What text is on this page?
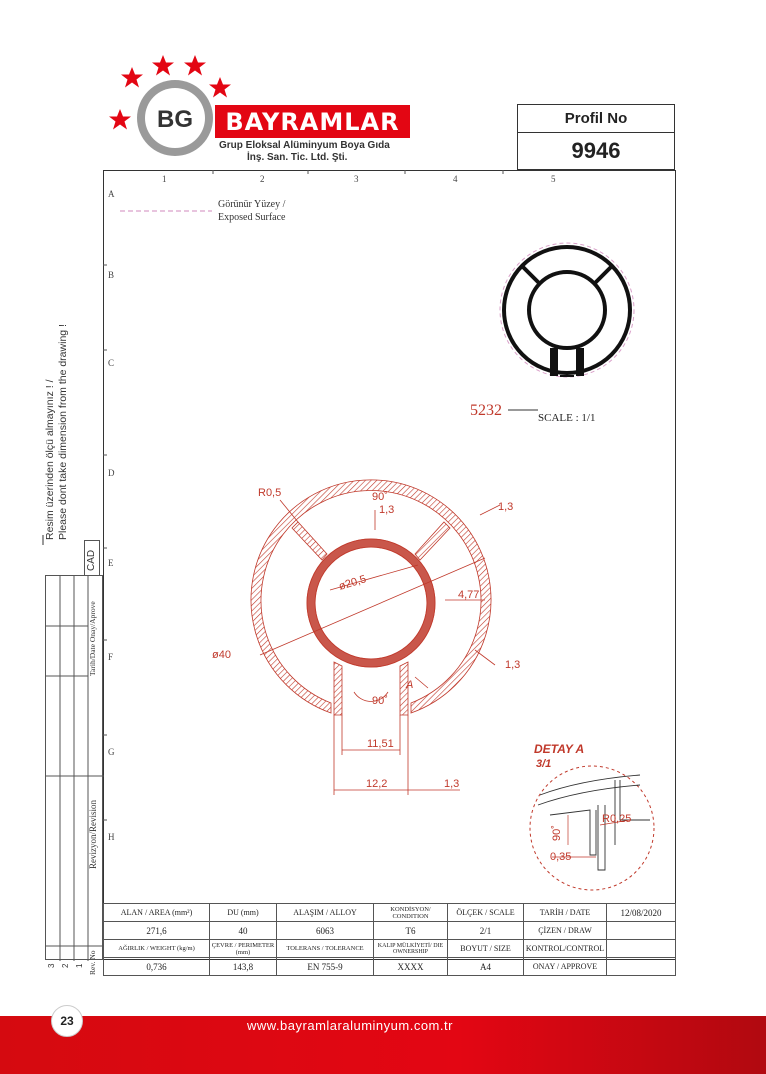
BG	BAYRAMLAR
Grup Eloksal Alüminyum Boya Gıda
İnş. San. Tic. Ltd. Şti.
Profil No
9946
1	2	3	4	5
A
B
C
D
E
F
G
H
Görünür Yüzey /
Exposed Surface
Resim üzerinden ölçü almayınız ! / Please dont take dimension from the drawing !
CAD
Tarih/Date Onay/Aprove
Revizyon/Revision
Rev. No
3 2 1
5232	SCALE : 1/1
R0,5	90˚
1,3	1,3
ø20,5
4,77
ø40
1,3
90˚
A
11,51
12,2	1,3
DETAY A
3/1
90˚
R0,25
0,35
ALAN / AREA (mm²)	DU (mm)	ALAŞIM / ALLOY	KONDİSYON/ CONDITION	ÖLÇEK / SCALE	TARİH / DATE	12/08/2020
271,6	40	6063	T6	2/1	ÇİZEN / DRAW	
AĞIRLIK / WEIGHT (kg/m)	ÇEVRE / PERIMETER (mm)	TOLERANS / TOLERANCE	KALIP MÜLKİYETİ/ DIE OWNERSHIP	BOYUT / SIZE	KONTROL/CONTROL	
0,736	143,8	EN 755-9	XXXX	A4	ONAY / APPROVE	
23	www.bayramlaraluminyum.com.tr
